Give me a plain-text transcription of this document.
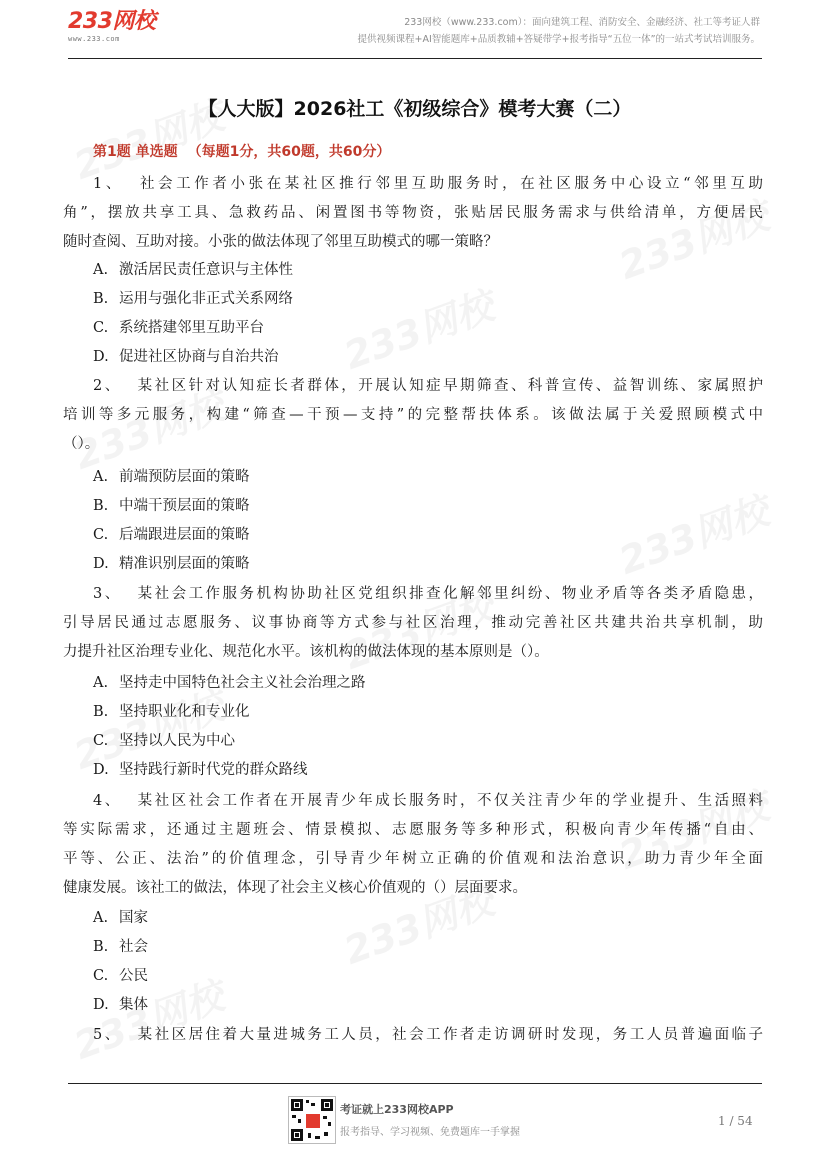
233网校
www.233.com
233网校（www.233.com）：面向建筑工程、消防安全、金融经济、社工等考证人群
提供视频课程+AI智能题库+品质教辅+答疑带学+报考指导“五位一体”的一站式考试培训服务。
【人大版】2026社工《初级综合》模考大赛（二）
第1题 单选题 （每题1分，共60题，共60分）
1、 社会工作者小张在某社区推行邻里互助服务时，在社区服务中心设立“邻里互助
角”，摆放共享工具、急救药品、闲置图书等物资，张贴居民服务需求与供给清单，方便居民
随时查阅、互助对接。小张的做法体现了邻里互助模式的哪一策略？
A. 激活居民责任意识与主体性
B. 运用与强化非正式关系网络
C. 系统搭建邻里互助平台
D. 促进社区协商与自治共治
2、 某社区针对认知症长者群体，开展认知症早期筛查、科普宣传、益智训练、家属照护
培训等多元服务，构建“筛查—干预—支持”的完整帮扶体系。该做法属于关爱照顾模式中
（）。
A. 前端预防层面的策略
B. 中端干预层面的策略
C. 后端跟进层面的策略
D. 精准识别层面的策略
3、 某社会工作服务机构协助社区党组织排查化解邻里纠纷、物业矛盾等各类矛盾隐患，
引导居民通过志愿服务、议事协商等方式参与社区治理，推动完善社区共建共治共享机制，助
力提升社区治理专业化、规范化水平。该机构的做法体现的基本原则是（）。
A. 坚持走中国特色社会主义社会治理之路
B. 坚持职业化和专业化
C. 坚持以人民为中心
D. 坚持践行新时代党的群众路线
4、 某社区社会工作者在开展青少年成长服务时，不仅关注青少年的学业提升、生活照料
等实际需求，还通过主题班会、情景模拟、志愿服务等多种形式，积极向青少年传播“自由、
平等、公正、法治”的价值理念，引导青少年树立正确的价值观和法治意识，助力青少年全面
健康发展。该社工的做法，体现了社会主义核心价值观的（）层面要求。
A. 国家
B. 社会
C. 公民
D. 集体
5、 某社区居住着大量进城务工人员，社会工作者走访调研时发现，务工人员普遍面临子
考证就上233网校APP
报考指导、学习视频、免费题库一手掌握
1 / 54
